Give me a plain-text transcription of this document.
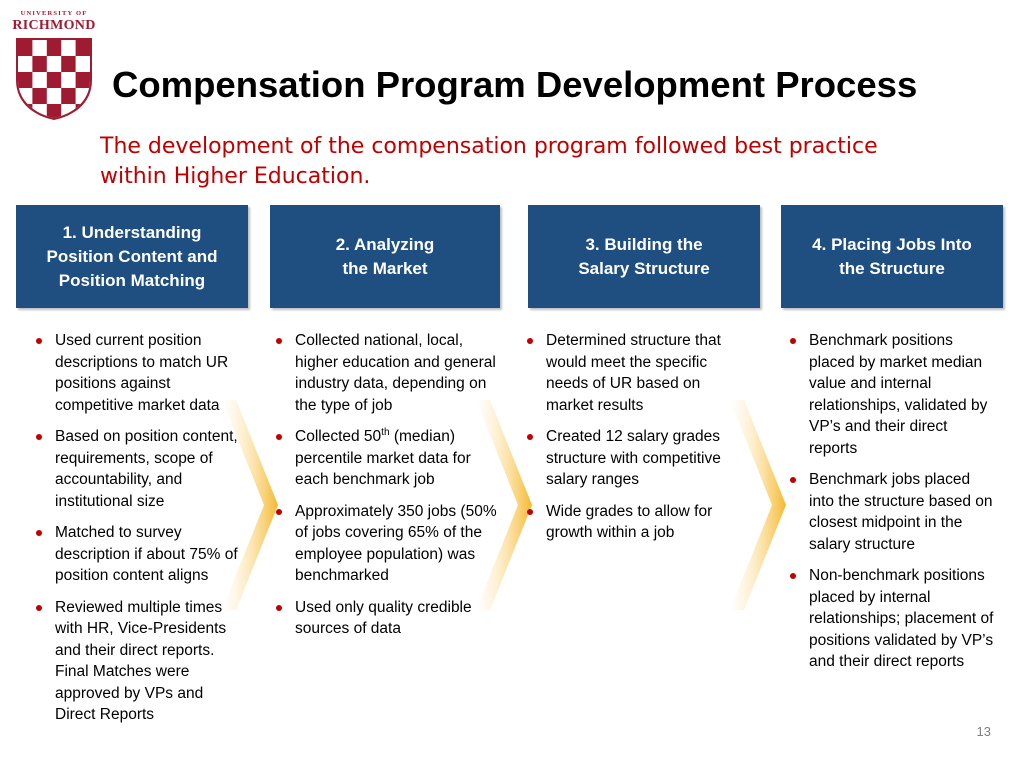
UNIVERSITY OF
RICHMOND
Compensation Program Development Process
The development of the compensation program followed best practice within Higher Education.
1. Understanding
Position Content and
Position Matching
2. Analyzing
the Market
3. Building the
Salary Structure
4. Placing Jobs Into
the Structure
Used current position descriptions to match UR positions against competitive market data
Based on position content, requirements, scope of accountability, and institutional size
Matched to survey description if about 75% of position content aligns
Reviewed multiple times with HR, Vice-Presidents and their direct reports. Final Matches were approved by VPs and Direct Reports
Collected national, local, higher education and general industry data, depending on the type of job
Collected 50th (median) percentile market data for each benchmark job
Approximately 350 jobs (50% of jobs covering 65% of the employee population) was benchmarked
Used only quality credible sources of data
Determined structure that would meet the specific needs of UR based on market results
Created 12 salary grades structure with competitive salary ranges
Wide grades to allow for growth within a job
Benchmark positions placed by market median value and internal relationships, validated by VP’s and their direct reports
Benchmark jobs placed into the structure based on closest midpoint in the salary structure
Non-benchmark positions placed by internal relationships; placement of positions validated by VP’s and their direct reports
13
